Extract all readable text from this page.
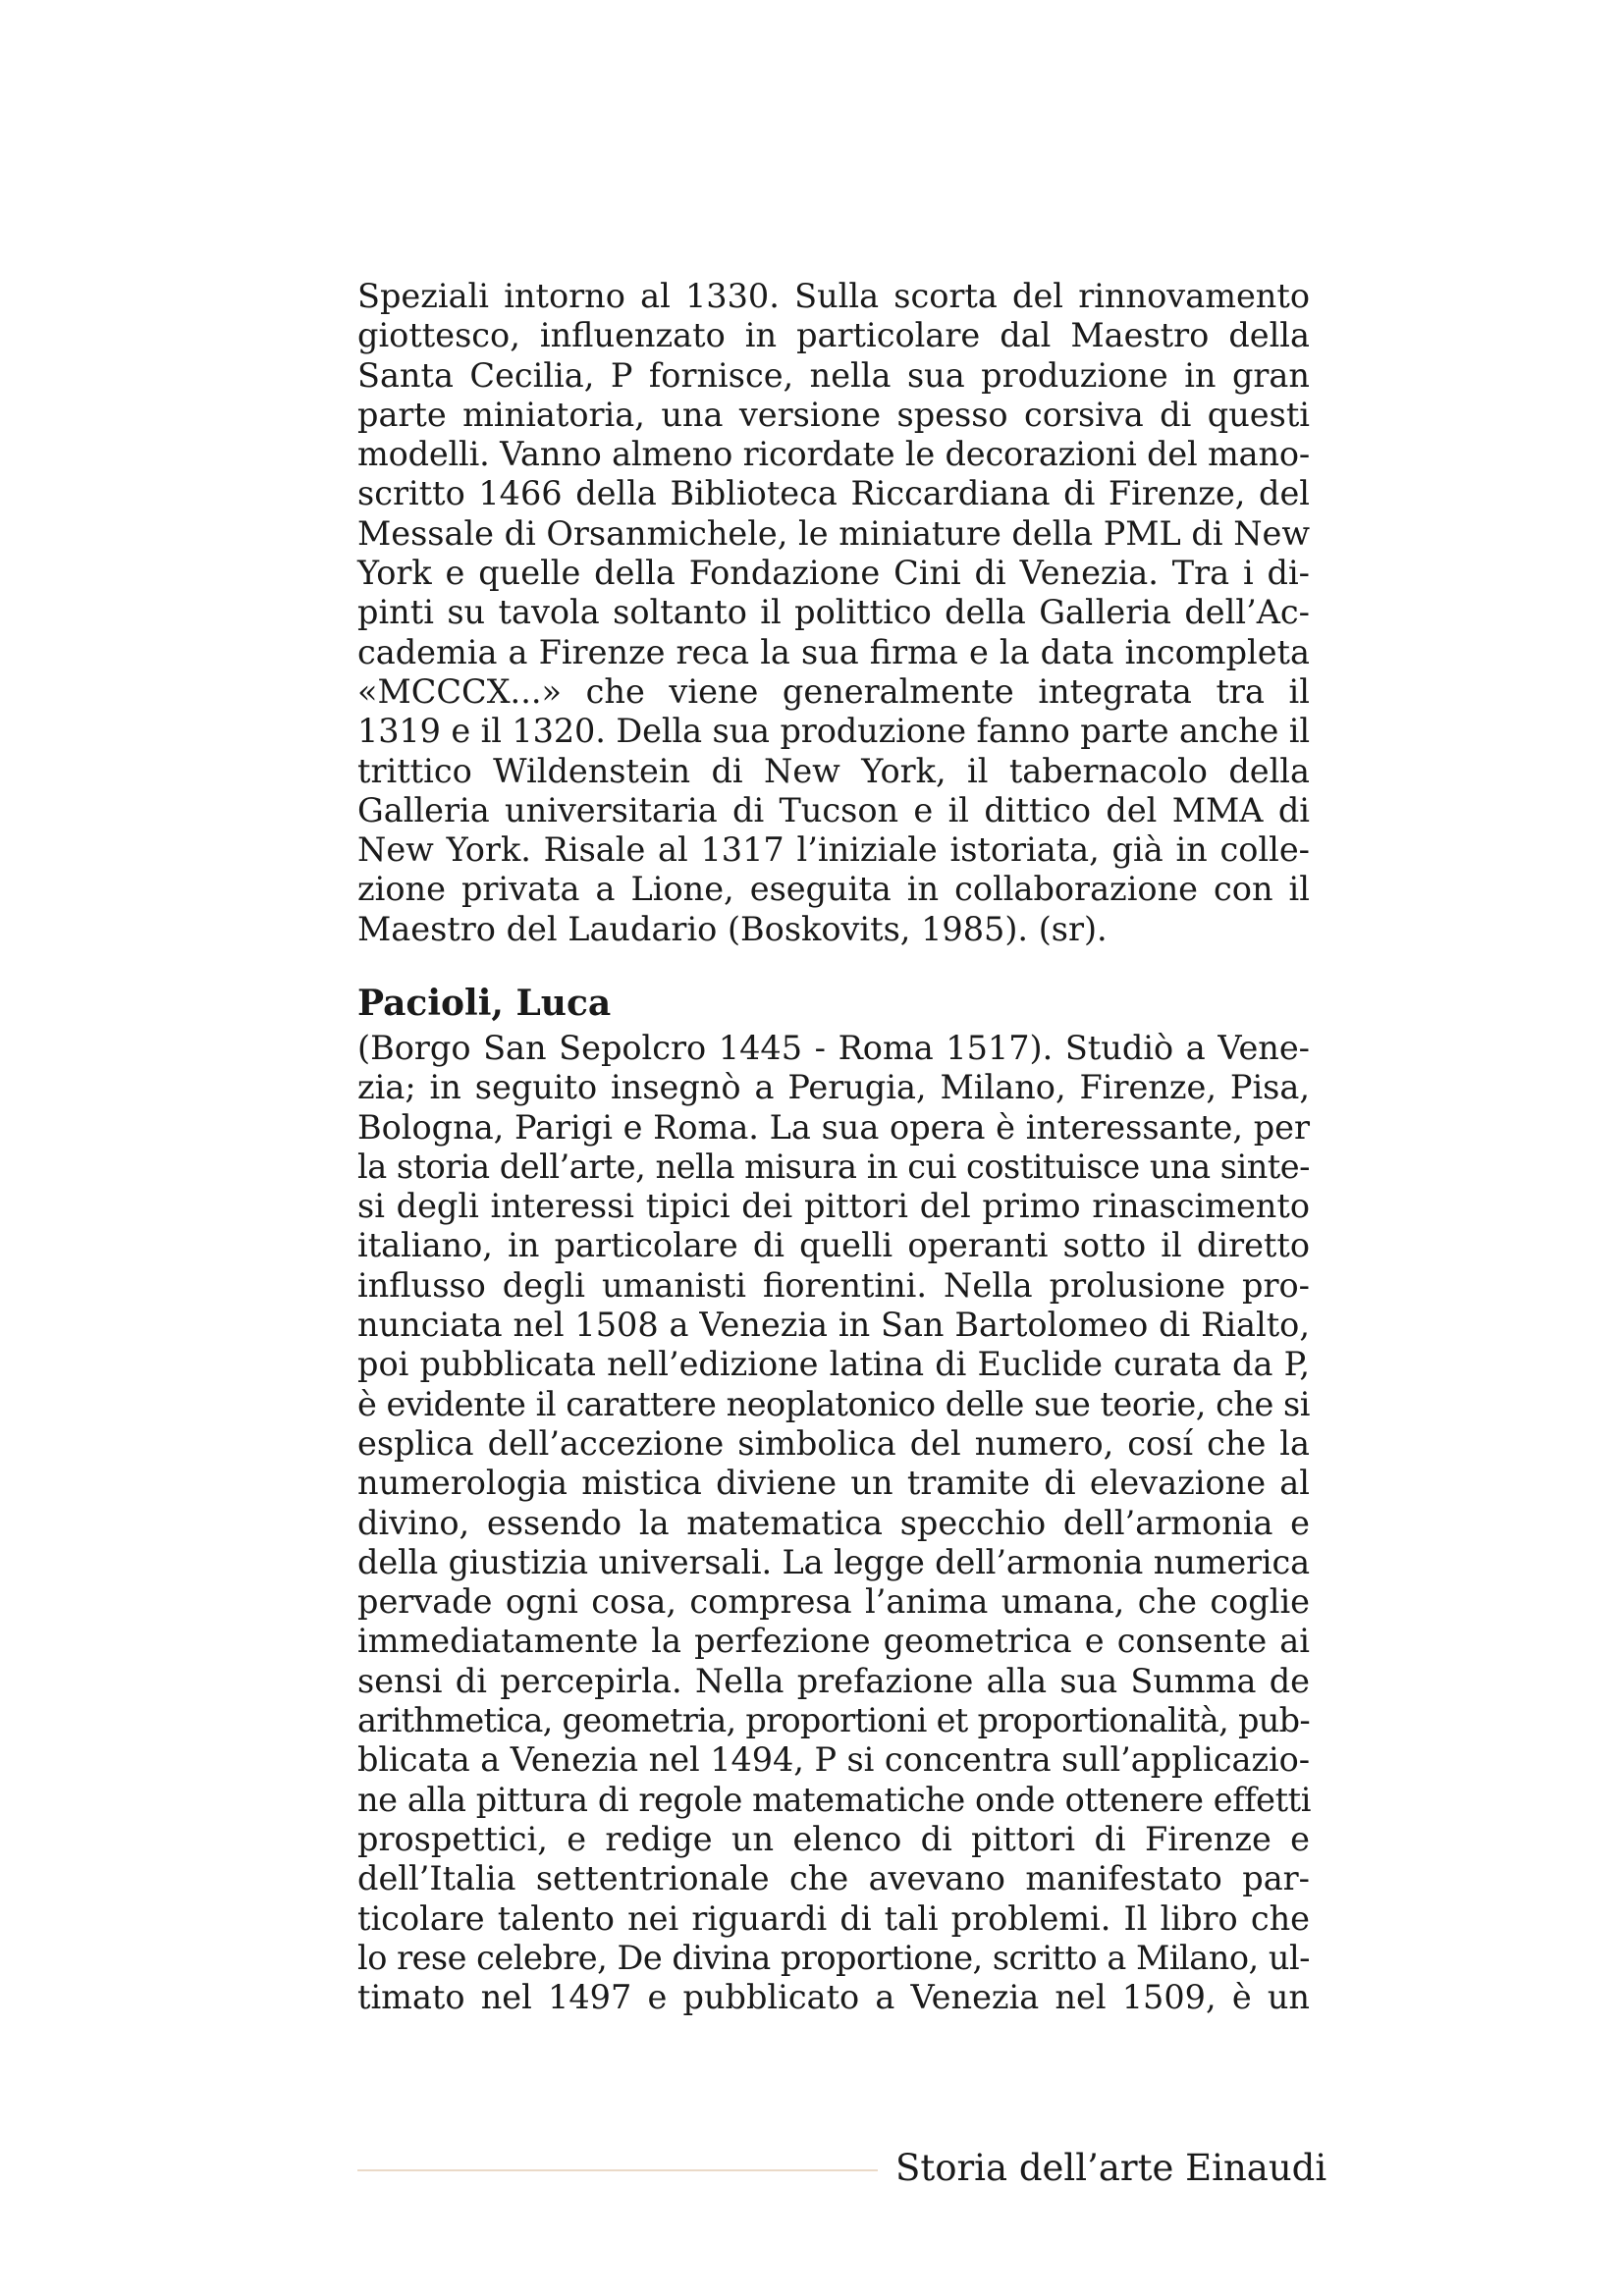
Speziali intorno al 1330. Sulla scorta del rinnovamento
giottesco, influenzato in particolare dal Maestro della
Santa Cecilia, P fornisce, nella sua produzione in gran
parte miniatoria, una versione spesso corsiva di questi
modelli. Vanno almeno ricordate le decorazioni del mano-
scritto 1466 della Biblioteca Riccardiana di Firenze, del
Messale di Orsanmichele, le miniature della PML di New
York e quelle della Fondazione Cini di Venezia. Tra i di-
pinti su tavola soltanto il polittico della Galleria dell’Ac-
cademia a Firenze reca la sua firma e la data incompleta
«MCCCX...» che viene generalmente integrata tra il
1319 e il 1320. Della sua produzione fanno parte anche il
trittico Wildenstein di New York, il tabernacolo della
Galleria universitaria di Tucson e il dittico del MMA di
New York. Risale al 1317 l’iniziale istoriata, già in colle-
zione privata a Lione, eseguita in collaborazione con il
Maestro del Laudario (Boskovits, 1985). (sr).
Pacioli, Luca
(Borgo San Sepolcro 1445 - Roma 1517). Studiò a Vene-
zia; in seguito insegnò a Perugia, Milano, Firenze, Pisa,
Bologna, Parigi e Roma. La sua opera è interessante, per
la storia dell’arte, nella misura in cui costituisce una sinte-
si degli interessi tipici dei pittori del primo rinascimento
italiano, in particolare di quelli operanti sotto il diretto
influsso degli umanisti fiorentini. Nella prolusione pro-
nunciata nel 1508 a Venezia in San Bartolomeo di Rialto,
poi pubblicata nell’edizione latina di Euclide curata da P,
è evidente il carattere neoplatonico delle sue teorie, che si
esplica dell’accezione simbolica del numero, cosí che la
numerologia mistica diviene un tramite di elevazione al
divino, essendo la matematica specchio dell’armonia e
della giustizia universali. La legge dell’armonia numerica
pervade ogni cosa, compresa l’anima umana, che coglie
immediatamente la perfezione geometrica e consente ai
sensi di percepirla. Nella prefazione alla sua Summa de
arithmetica, geometria, proportioni et proportionalità, pub-
blicata a Venezia nel 1494, P si concentra sull’applicazio-
ne alla pittura di regole matematiche onde ottenere effetti
prospettici, e redige un elenco di pittori di Firenze e
dell’Italia settentrionale che avevano manifestato par-
ticolare talento nei riguardi di tali problemi. Il libro che
lo rese celebre, De divina proportione, scritto a Milano, ul-
timato nel 1497 e pubblicato a Venezia nel 1509, è un
Storia dell’arte Einaudi
